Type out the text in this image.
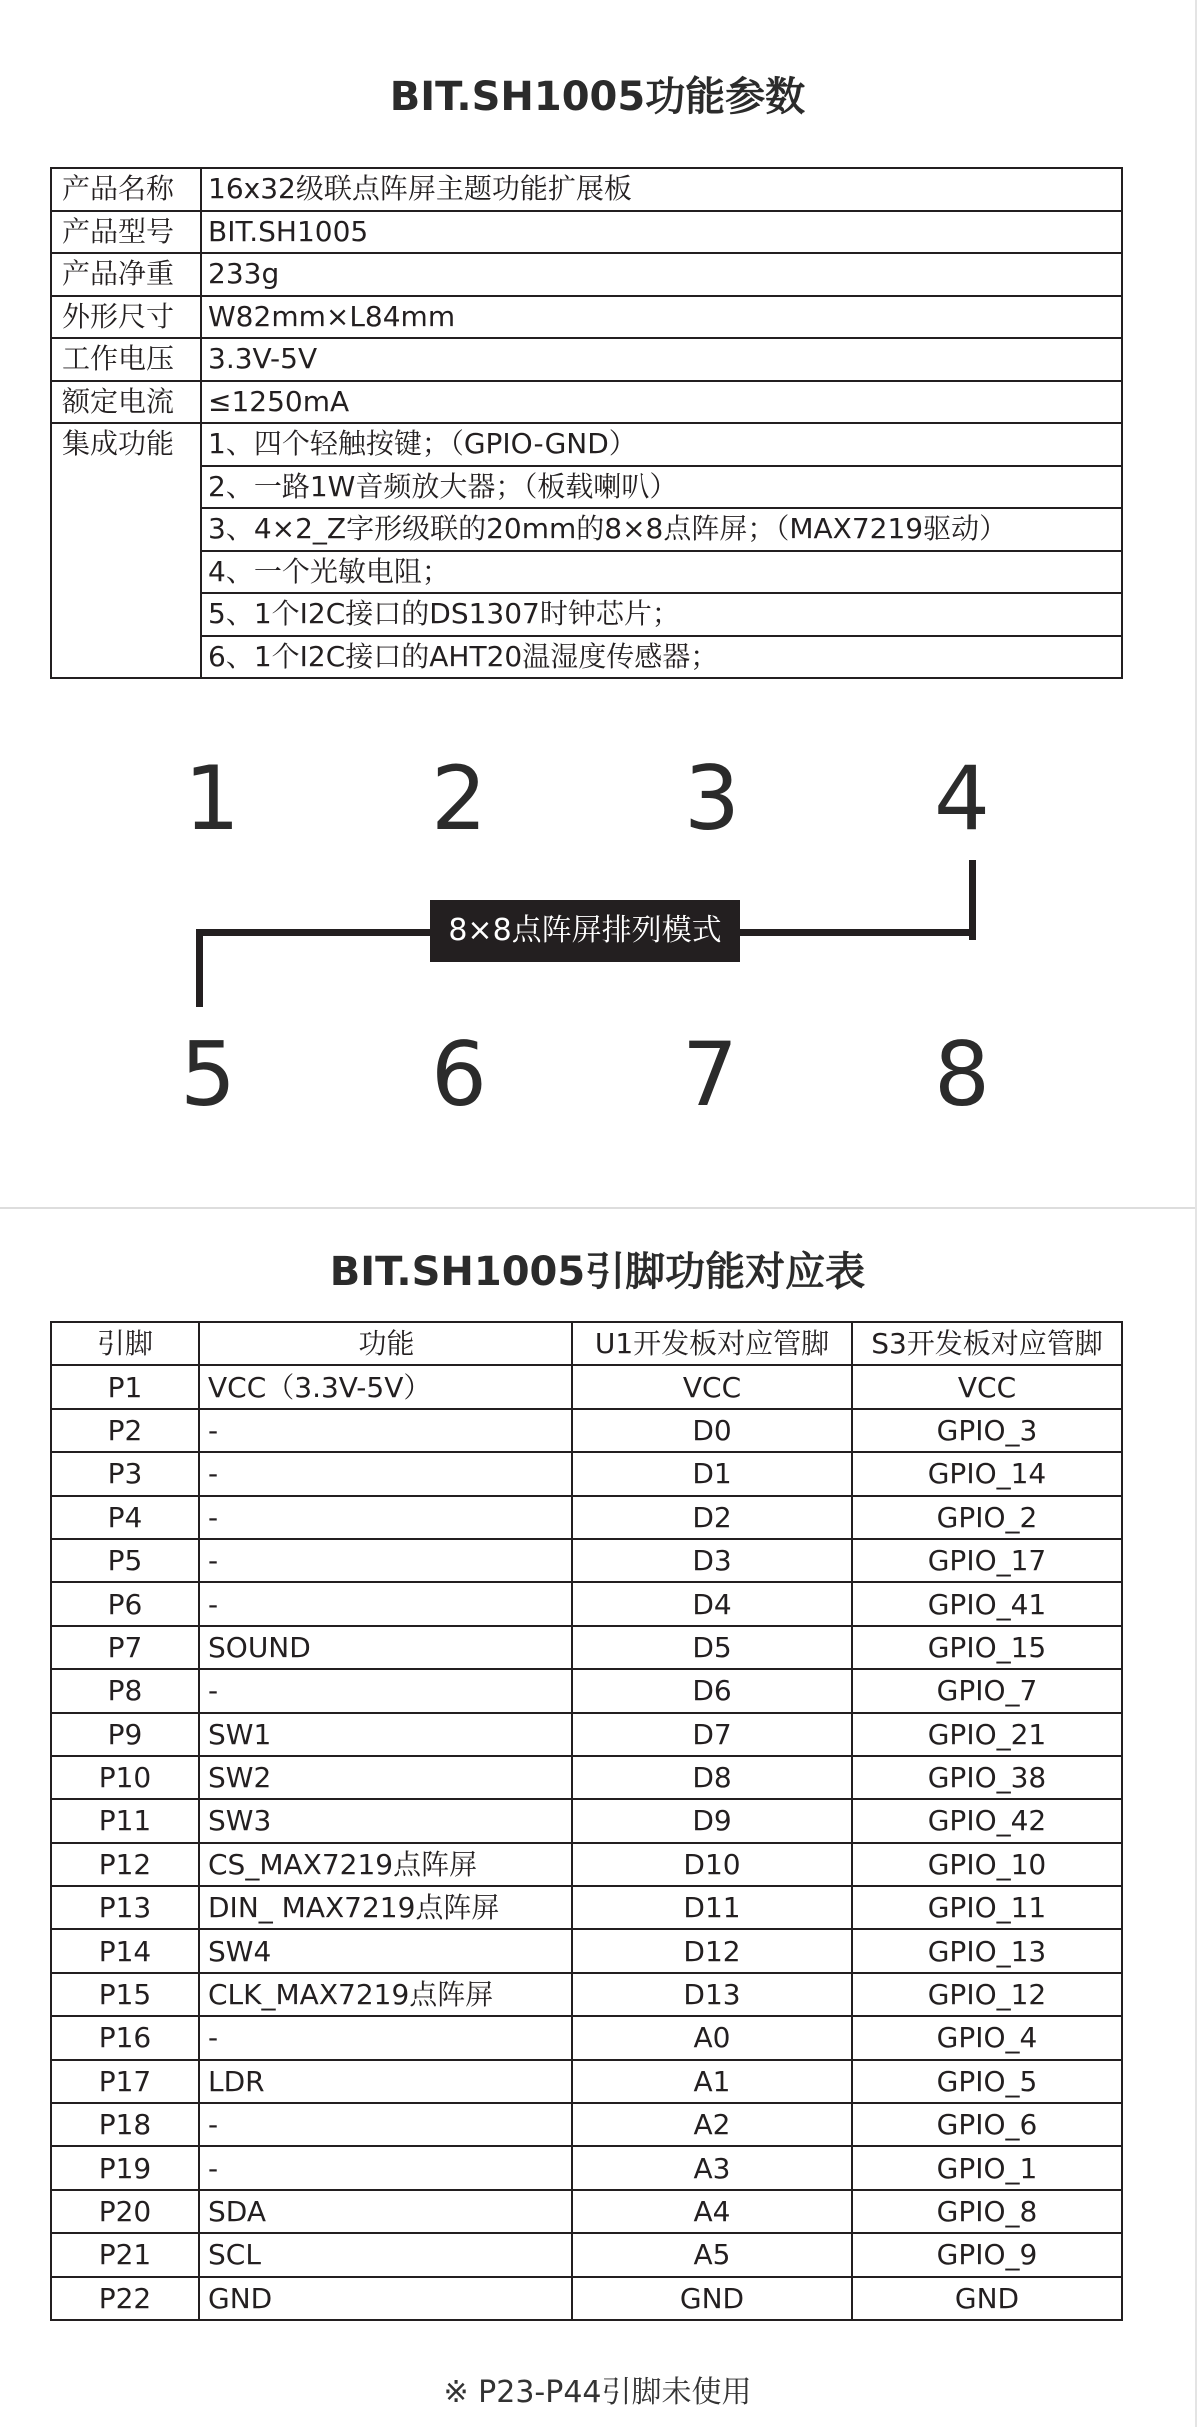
BIT.SH1005功能参数
产品名称	16x32级联点阵屏主题功能扩展板
产品型号	BIT.SH1005
产品净重	233g
外形尺寸	W82mm×L84mm
工作电压	3.3V-5V
额定电流	≤1250mA
集成功能	1、四个轻触按键；（GPIO-GND）
	2、一路1W音频放大器；（板载喇叭）
	3、4×2_Z字形级联的20mm的8×8点阵屏；（MAX7219驱动）
	4、一个光敏电阻；
	5、1个I2C接口的DS1307时钟芯片；
	6、1个I2C接口的AHT20温湿度传感器；
1 2 3 4
8×8点阵屏排列模式
5 6 7 8
BIT.SH1005引脚功能对应表
引脚	功能	U1开发板对应管脚	S3开发板对应管脚
P1	VCC（3.3V-5V）	VCC	VCC
P2	-	D0	GPIO_3
P3	-	D1	GPIO_14
P4	-	D2	GPIO_2
P5	-	D3	GPIO_17
P6	-	D4	GPIO_41
P7	SOUND	D5	GPIO_15
P8	-	D6	GPIO_7
P9	SW1	D7	GPIO_21
P10	SW2	D8	GPIO_38
P11	SW3	D9	GPIO_42
P12	CS_MAX7219点阵屏	D10	GPIO_10
P13	DIN_ MAX7219点阵屏	D11	GPIO_11
P14	SW4	D12	GPIO_13
P15	CLK_MAX7219点阵屏	D13	GPIO_12
P16	-	A0	GPIO_4
P17	LDR	A1	GPIO_5
P18	-	A2	GPIO_6
P19	-	A3	GPIO_1
P20	SDA	A4	GPIO_8
P21	SCL	A5	GPIO_9
P22	GND	GND	GND
※ P23-P44引脚未使用
